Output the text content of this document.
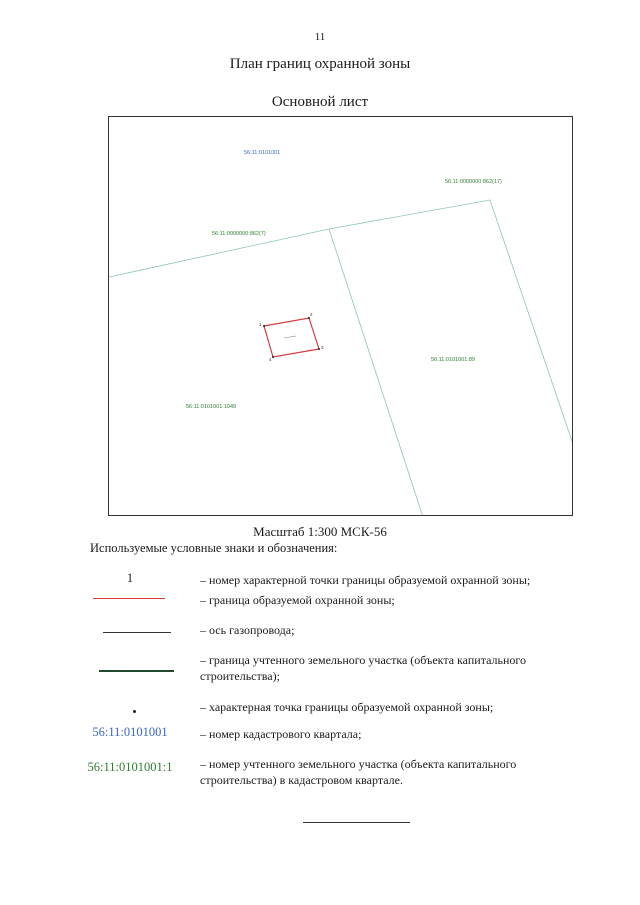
11
План границ охранной зоны
Основной лист
56:11:0101001
56:11:0000000:862(17)
56:11:0000000:862(7)
56:11:0101001:89
56:11:0101001:1049
1
2
3
4
Масштаб 1:300 МСК-56
Используемые условные знаки и обозначения:
1	– номер характерной точки границы образуемой охранной зоны;
– граница образуемой охранной зоны;
– ось газопровода;
– граница учтенного земельного участка (объекта капитального строительства);
– характерная точка границы образуемой охранной зоны;
56:11:0101001	– номер кадастрового квартала;
56:11:0101001:1	– номер учтенного земельного участка (объекта капитального строительства) в кадастровом квартале.
